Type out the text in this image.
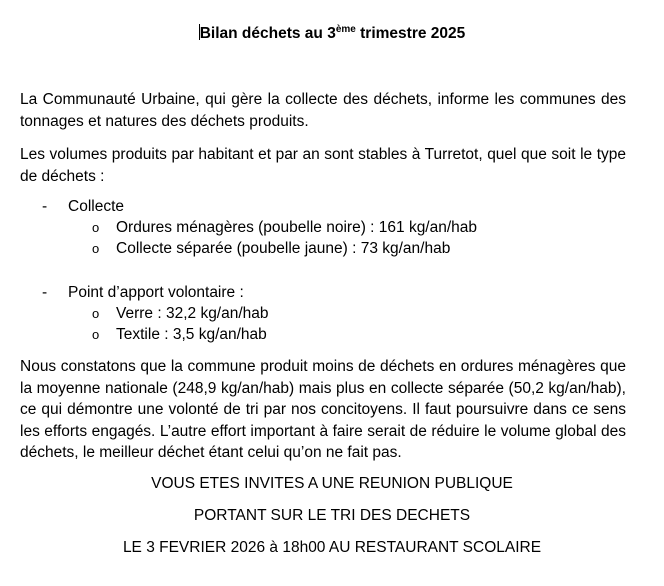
Bilan déchets au 3ème trimestre 2025

La Communauté Urbaine, qui gère la collecte des déchets, informe les communes des tonnages et natures des déchets produits.

Les volumes produits par habitant et par an sont stables à Turretot, quel que soit le type de déchets :

- Collecte
o Ordures ménagères (poubelle noire) : 161 kg/an/hab
o Collecte séparée (poubelle jaune) : 73 kg/an/hab
- Point d’apport volontaire :
o Verre : 32,2 kg/an/hab
o Textile : 3,5 kg/an/hab

Nous constatons que la commune produit moins de déchets en ordures ménagères que la moyenne nationale (248,9 kg/an/hab) mais plus en collecte séparée (50,2 kg/an/hab), ce qui démontre une volonté de tri par nos concitoyens. Il faut poursuivre dans ce sens les efforts engagés. L’autre effort important à faire serait de réduire le volume global des déchets, le meilleur déchet étant celui qu’on ne fait pas.

VOUS ETES INVITES A UNE REUNION PUBLIQUE
PORTANT SUR LE TRI DES DECHETS
LE 3 FEVRIER 2026 à 18h00 AU RESTAURANT SCOLAIRE
